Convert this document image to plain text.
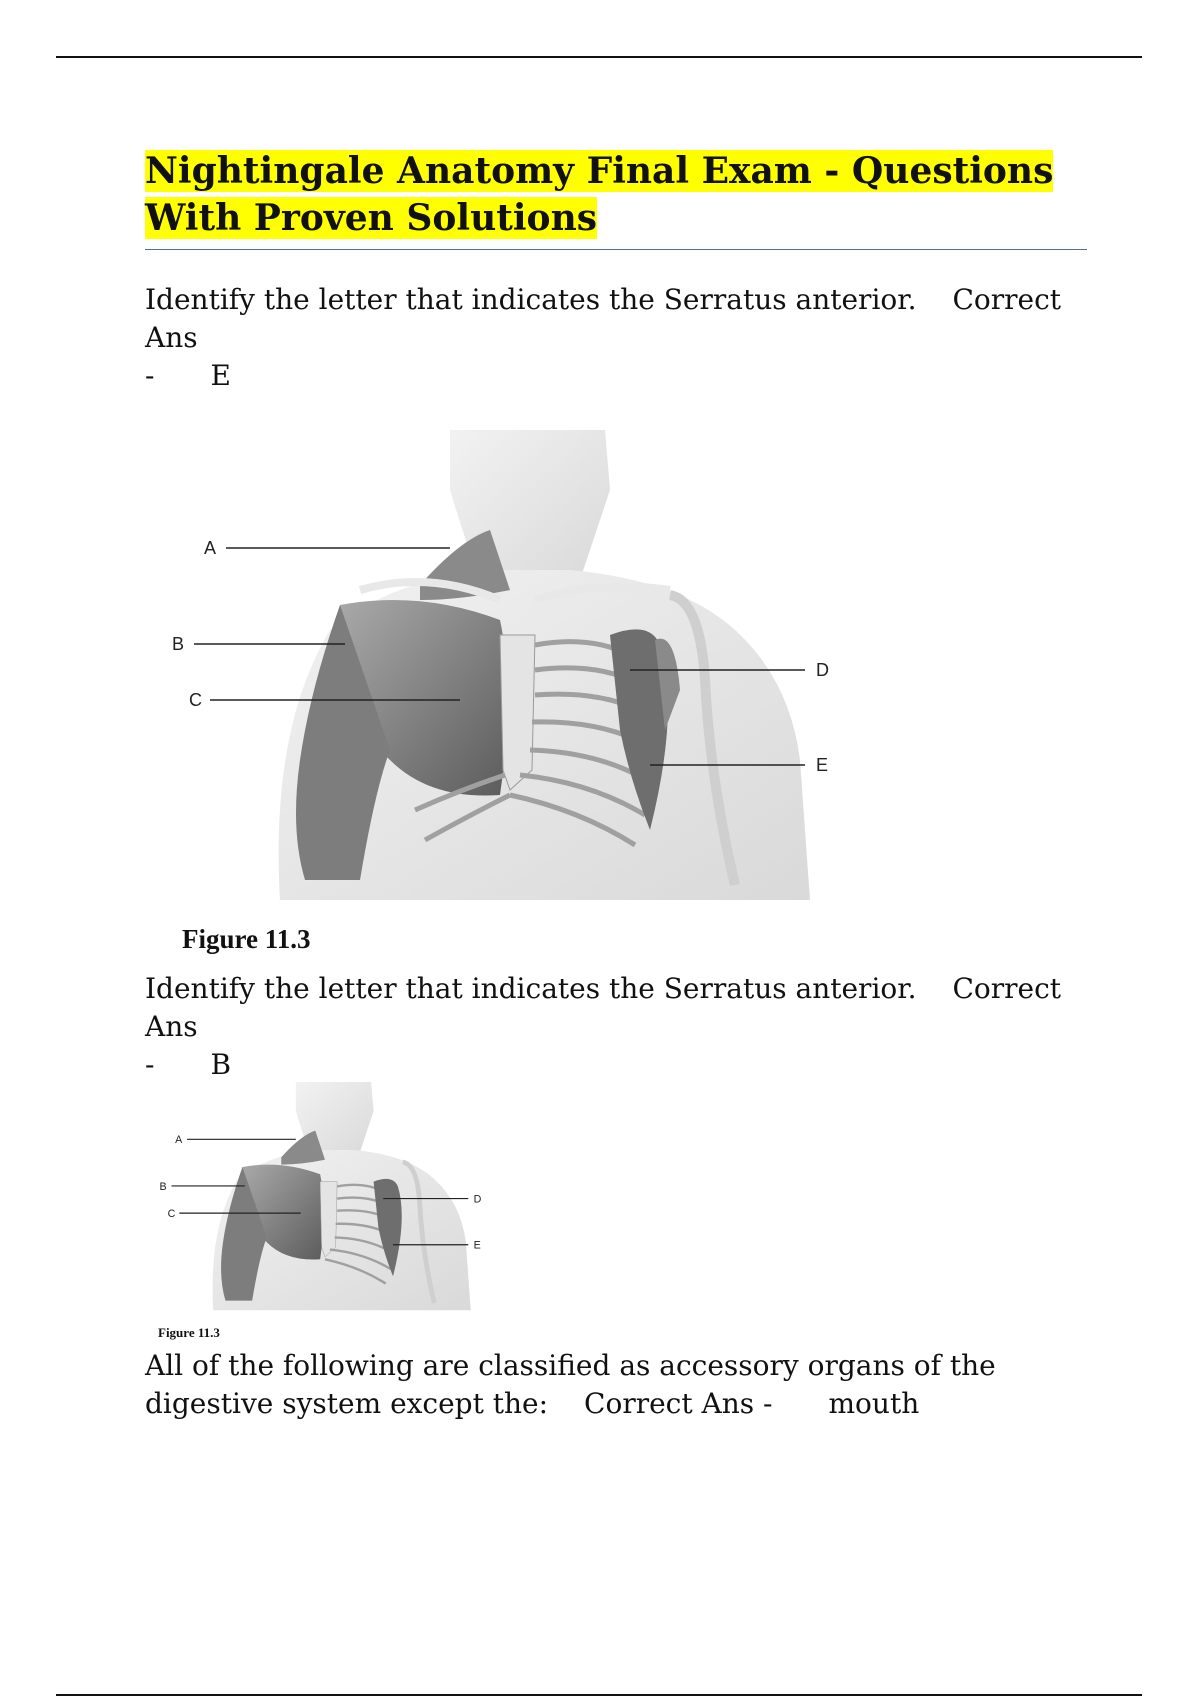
Nightingale Anatomy Final Exam - Questions With Proven Solutions
Identify the letter that indicates the Serratus anterior. Correct Ans
- E
A
B
C
D
E
Figure 11.3
Identify the letter that indicates the Serratus anterior. Correct Ans
- B
A
B
C
D
E
Figure 11.3
All of the following are classified as accessory organs of the digestive system except the: Correct Ans - mouth
